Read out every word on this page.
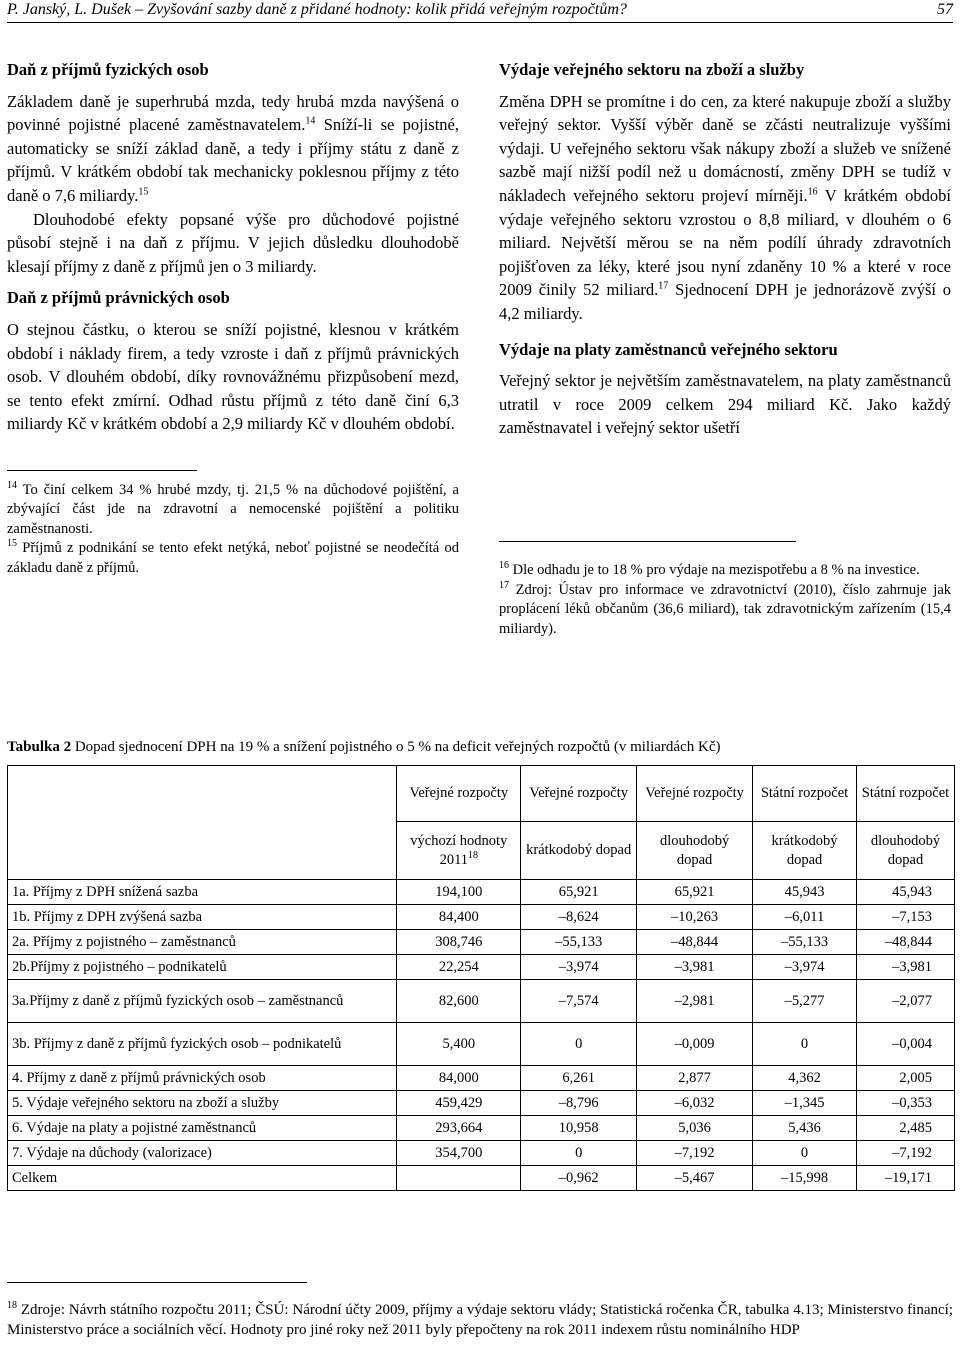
P. Janský, L. Dušek – Zvyšování sazby daně z přidané hodnoty: kolik přidá veřejným rozpočtům?	57
Daň z příjmů fyzických osob

Základem daně je superhrubá mzda, tedy hrubá mzda navýšená o povinné pojistné placené zaměstnavatelem.$^{14}$ Sníží-li se pojistné, automaticky se sníží základ daně, a tedy i příjmy státu z daně z příjmů. V krátkém období tak mechanicky poklesnou příjmy z této daně o 7,6 miliardy.$^{15}$

Dlouhodobé efekty popsané výše pro důchodové pojistné působí stejně i na daň z příjmu. V jejich důsledku dlouhodobě klesají příjmy z daně z příjmů jen o 3 miliardy.

Daň z příjmů právnických osob

O stejnou částku, o kterou se sníží pojistné, klesnou v krátkém období i náklady firem, a tedy vzroste i daň z příjmů právnických osob. V dlouhém období, díky rovnovážnému přizpůsobení mezd, se tento efekt zmírní. Odhad růstu příjmů z této daně činí 6,3 miliardy Kč v krátkém období a 2,9 miliardy Kč v dlouhém období.

$^{14}$ To činí celkem 34 % hrubé mzdy, tj. 21,5 % na důchodové pojištění, a zbývající část jde na zdravotní a nemocenské pojištění a politiku zaměstnanosti.

$^{15}$ Příjmů z podnikání se tento efekt netýká, neboť pojistné se neodečítá od základu daně z příjmů.

Výdaje veřejného sektoru na zboží a služby

Změna DPH se promítne i do cen, za které nakupuje zboží a služby veřejný sektor. Vyšší výběr daně se zčásti neutralizuje vyššími výdaji. U veřejného sektoru však nákupy zboží a služeb ve snížené sazbě mají nižší podíl než u domácností, změny DPH se tudíž v nákladech veřejného sektoru projeví mírněji.$^{16}$ V krátkém období výdaje veřejného sektoru vzrostou o 8,8 miliard, v dlouhém o 6 miliard. Největší měrou se na něm podílí úhrady zdravotních pojišťoven za léky, které jsou nyní zdaněny 10 % a které v roce 2009 činily 52 miliard.$^{17}$ Sjednocení DPH je jednorázově zvýší o 4,2 miliardy.

Výdaje na platy zaměstnanců veřejného sektoru

Veřejný sektor je největším zaměstnavatelem, na platy zaměstnanců utratil v roce 2009 celkem 294 miliard Kč. Jako každý zaměstnavatel i veřejný sektor ušetří

$^{16}$ Dle odhadu je to 18 % pro výdaje na mezispotřebu a 8 % na investice.

$^{17}$ Zdroj: Ústav pro informace ve zdravotnictví (2010), číslo zahrnuje jak proplácení léků občanům (36,6 miliard), tak zdravotnickým zařízením (15,4 miliardy).

Tabulka 2 Dopad sjednocení DPH na 19 % a snížení pojistného o 5 % na deficit veřejných rozpočtů (v miliardách Kč)
	Veřejné rozpočty	Veřejné rozpočty	Veřejné rozpočty	Státní rozpočet	Státní rozpočet
	výchozí hodnoty 2011$^{18}$	krátkodobý dopad	dlouhodobý dopad	krátkodobý dopad	dlouhodobý dopad
1a. Příjmy z DPH snížená sazba	194,100	65,921	65,921	45,943	45,943
1b. Příjmy z DPH zvýšená sazba	84,400	–8,624	–10,263	–6,011	–7,153
2a. Příjmy z pojistného – zaměstnanců	308,746	–55,133	–48,844	–55,133	–48,844
2b.Příjmy z pojistného – podnikatelů	22,254	–3,974	–3,981	–3,974	–3,981
3a.Příjmy z daně z příjmů fyzických osob – zaměstnanců	82,600	–7,574	–2,981	–5,277	–2,077
3b. Příjmy z daně z příjmů fyzických osob – podnikatelů	5,400	0	–0,009	0	–0,004
4. Příjmy z daně z příjmů právnických osob	84,000	6,261	2,877	4,362	2,005
5. Výdaje veřejného sektoru na zboží a služby	459,429	–8,796	–6,032	–1,345	–0,353
6. Výdaje na platy a pojistné zaměstnanců	293,664	10,958	5,036	5,436	2,485
7. Výdaje na důchody (valorizace)	354,700	0	–7,192	0	–7,192
Celkem		–0,962	–5,467	–15,998	–19,171
$^{18}$ Zdroje: Návrh státního rozpočtu 2011; ČSÚ: Národní účty 2009, příjmy a výdaje sektoru vlády; Statistická ročenka ČR, tabulka 4.13; Ministerstvo financí; Ministerstvo práce a sociálních věcí. Hodnoty pro jiné roky než 2011 byly přepočteny na rok 2011 indexem růstu nominálního HDP
